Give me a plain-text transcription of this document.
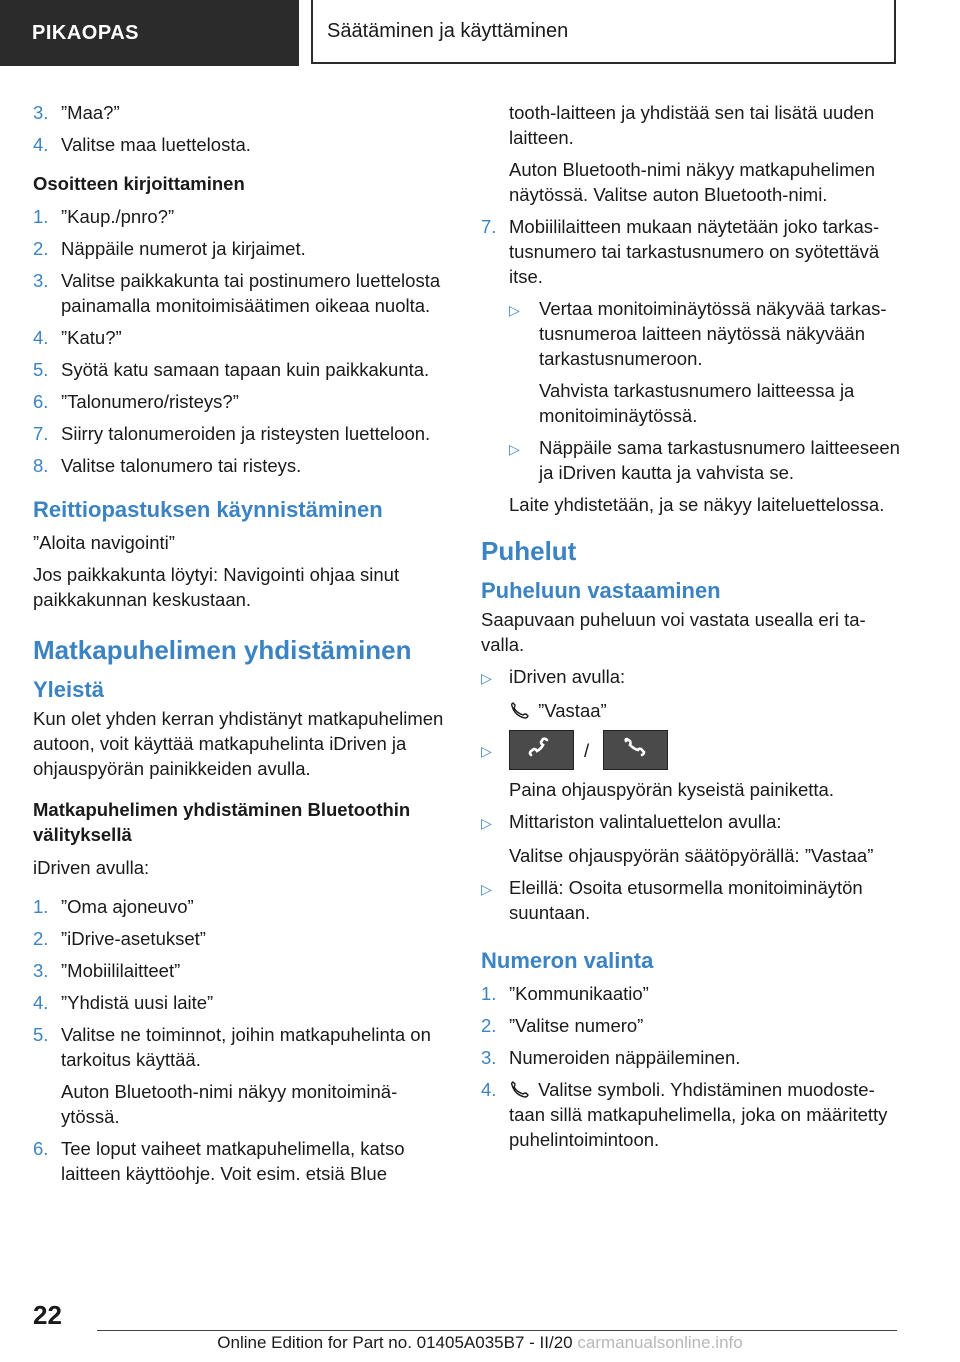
PIKAOPAS	Säätäminen ja käyttäminen
3. ”Maa?”
4. Valitse maa luettelosta.
Osoitteen kirjoittaminen
1. ”Kaup./pnro?”
2. Näppäile numerot ja kirjaimet.
3. Valitse paikkakunta tai postinumero luettelosta painamalla monitoimisäätimen oikeaa nuolta.
4. ”Katu?”
5. Syötä katu samaan tapaan kuin paikkakunta.
6. ”Talonumero/risteys?”
7. Siirry talonumeroiden ja risteysten luetteloon.
8. Valitse talonumero tai risteys.
Reittiopastuksen käynnistäminen
”Aloita navigointi”
Jos paikkakunta löytyi: Navigointi ohjaa sinut paikkakunnan keskustaan.
Matkapuhelimen yhdistäminen
Yleistä
Kun olet yhden kerran yhdistänyt matkapuhelimen autoon, voit käyttää matkapuhelinta iDriven ja ohjauspyörän painikkeiden avulla.
Matkapuhelimen yhdistäminen Bluetoothin välityksellä
iDriven avulla:
1. ”Oma ajoneuvo”
2. ”iDrive-asetukset”
3. ”Mobiililaitteet”
4. ”Yhdistä uusi laite”
5. Valitse ne toiminnot, joihin matkapuhelinta on tarkoitus käyttää.
Auton Bluetooth-nimi näkyy monitoiminäytössä.
6. Tee loput vaiheet matkapuhelimella, katso laitteen käyttöohje. Voit esim. etsiä Blue
tooth-laitteen ja yhdistää sen tai lisätä uuden laitteen.
Auton Bluetooth-nimi näkyy matkapuhelimen näytössä. Valitse auton Bluetooth-nimi.
7. Mobiililaitteen mukaan näytetään joko tarkastusnumero tai tarkastusnumero on syötettävä itse.
▷	Vertaa monitoiminäytössä näkyvää tarkastusnumeroa laitteen näytössä näkyvään tarkastusnumeroon.
Vahvista tarkastusnumero laitteessa ja monitoiminäytössä.
▷	Näppäile sama tarkastusnumero laitteeseen ja iDriven kautta ja vahvista se.
Laite yhdistetään, ja se näkyy laiteluettelossa.
Puhelut
Puheluun vastaaminen
Saapuvaan puheluun voi vastata usealla eri tavalla.
▷ iDriven avulla:
”Vastaa”
▷	/
Paina ohjauspyörän kyseistä painiketta.
▷ Mittariston valintaluettelon avulla:
Valitse ohjauspyörän säätöpyörällä: ”Vastaa”
▷ Eleillä: Osoita etusormella monitoiminäytön suuntaan.
Numeron valinta
1. ”Kommunikaatio”
2. ”Valitse numero”
3. Numeroiden näppäileminen.
4.	Valitse symboli. Yhdistäminen muodostetaan sillä matkapuhelimella, joka on määritetty puhelintoimintoon.
22
Online Edition for Part no. 01405A035B7 - II/20 carmanualsonline.info
